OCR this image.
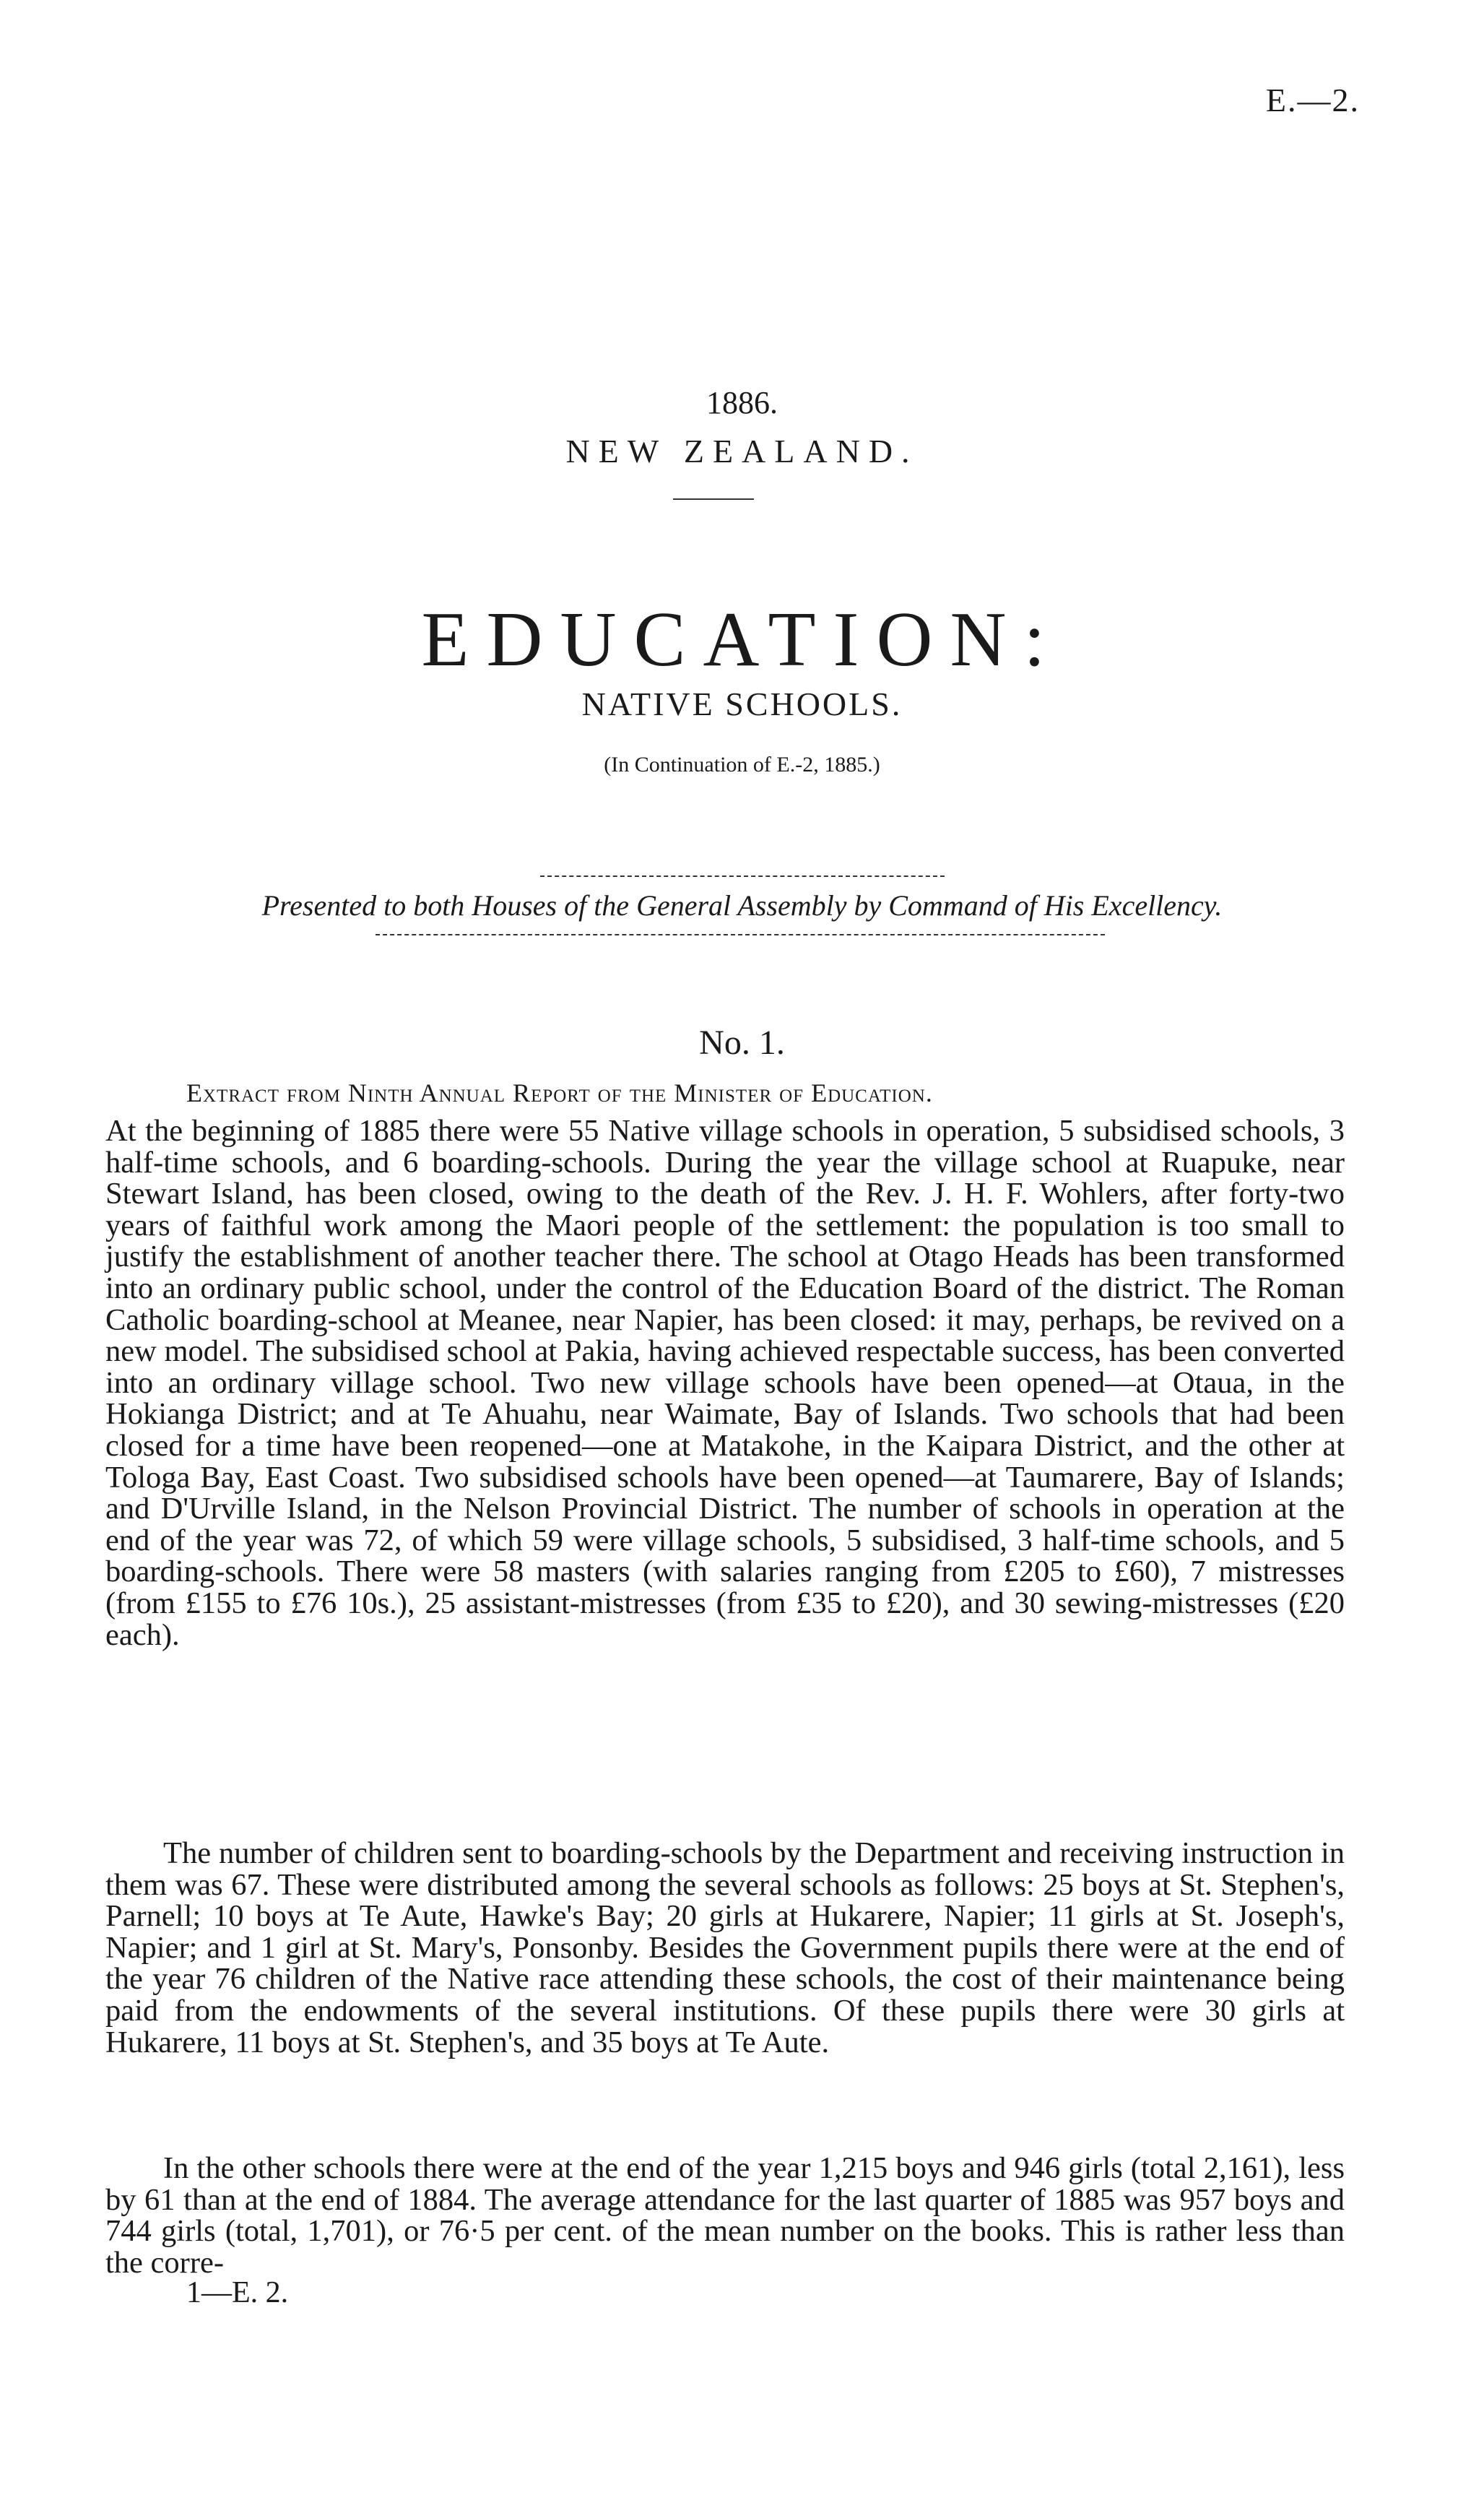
E.—2.
1886.
NEW ZEALAND.
EDUCATION:
NATIVE SCHOOLS.
(In Continuation of E.-2, 1885.)
Presented to both Houses of the General Assembly by Command of His Excellency.
No. 1.
Extract from Ninth Annual Report of the Minister of Education.
At the beginning of 1885 there were 55 Native village schools in operation, 5 subsidised schools, 3 half-time schools, and 6 boarding-schools. During the year the village school at Ruapuke, near Stewart Island, has been closed, owing to the death of the Rev. J. H. F. Wohlers, after forty-two years of faithful work among the Maori people of the settlement: the population is too small to justify the establishment of another teacher there. The school at Otago Heads has been transformed into an ordinary public school, under the control of the Education Board of the district. The Roman Catholic boarding-school at Meanee, near Napier, has been closed: it may, perhaps, be revived on a new model. The subsidised school at Pakia, having achieved respectable success, has been converted into an ordinary village school. Two new village schools have been opened—at Otaua, in the Hokianga District; and at Te Ahuahu, near Waimate, Bay of Islands. Two schools that had been closed for a time have been reopened—one at Matakohe, in the Kaipara District, and the other at Tologa Bay, East Coast. Two subsidised schools have been opened—at Taumarere, Bay of Islands; and D'Urville Island, in the Nelson Provincial District. The number of schools in operation at the end of the year was 72, of which 59 were village schools, 5 subsidised, 3 half-time schools, and 5 boarding-schools. There were 58 masters (with salaries ranging from £205 to £60), 7 mistresses (from £155 to £76 10s.), 25 assistant-mistresses (from £35 to £20), and 30 sewing-mistresses (£20 each).
The number of children sent to boarding-schools by the Department and receiving instruction in them was 67. These were distributed among the several schools as follows: 25 boys at St. Stephen's, Parnell; 10 boys at Te Aute, Hawke's Bay; 20 girls at Hukarere, Napier; 11 girls at St. Joseph's, Napier; and 1 girl at St. Mary's, Ponsonby. Besides the Government pupils there were at the end of the year 76 children of the Native race attending these schools, the cost of their maintenance being paid from the endowments of the several institutions. Of these pupils there were 30 girls at Hukarere, 11 boys at St. Stephen's, and 35 boys at Te Aute.
In the other schools there were at the end of the year 1,215 boys and 946 girls (total 2,161), less by 61 than at the end of 1884. The average attendance for the last quarter of 1885 was 957 boys and 744 girls (total, 1,701), or 76·5 per cent. of the mean number on the books. This is rather less than the corre-
1—E. 2.
